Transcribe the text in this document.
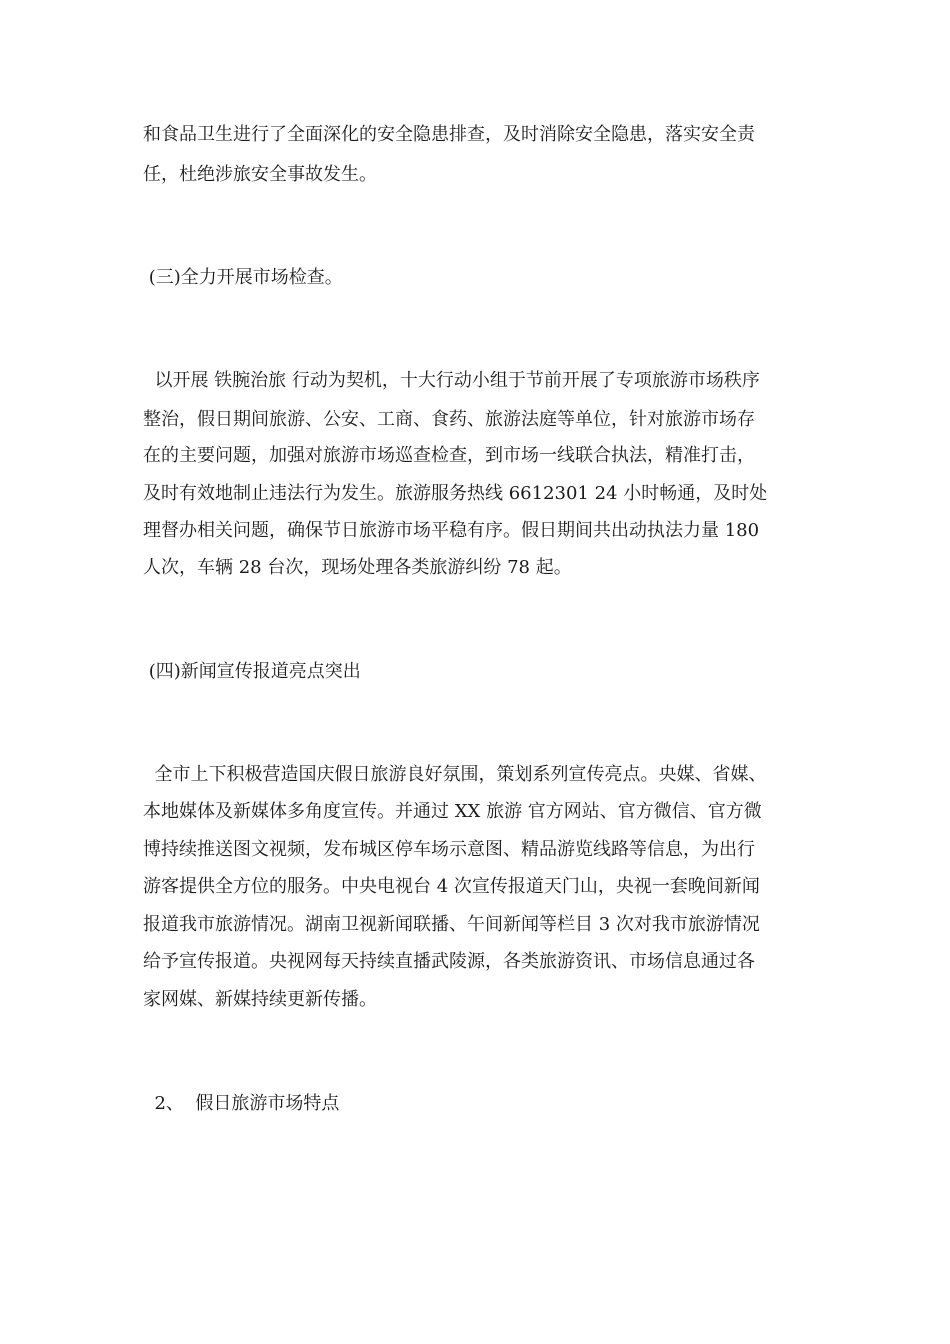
和食品卫生进行了全面深化的安全隐患排查，及时消除安全隐患，落实安全责
任，杜绝涉旅安全事故发生。
(三)全力开展市场检查。
以开展 铁腕治旅 行动为契机，十大行动小组于节前开展了专项旅游市场秩序
整治，假日期间旅游、公安、工商、食药、旅游法庭等单位，针对旅游市场存
在的主要问题，加强对旅游市场巡查检查，到市场一线联合执法，精准打击，
及时有效地制止违法行为发生。旅游服务热线 6612301 24 小时畅通，及时处
理督办相关问题，确保节日旅游市场平稳有序。假日期间共出动执法力量 180
人次，车辆 28 台次，现场处理各类旅游纠纷 78 起。
(四)新闻宣传报道亮点突出
全市上下积极营造国庆假日旅游良好氛围，策划系列宣传亮点。央媒、省媒、
本地媒体及新媒体多角度宣传。并通过 XX 旅游 官方网站、官方微信、官方微
博持续推送图文视频，发布城区停车场示意图、精品游览线路等信息，为出行
游客提供全方位的服务。中央电视台 4 次宣传报道天门山，央视一套晚间新闻
报道我市旅游情况。湖南卫视新闻联播、午间新闻等栏目 3 次对我市旅游情况
给予宣传报道。央视网每天持续直播武陵源，各类旅游资讯、市场信息通过各
家网媒、新媒持续更新传播。
2、  假日旅游市场特点
